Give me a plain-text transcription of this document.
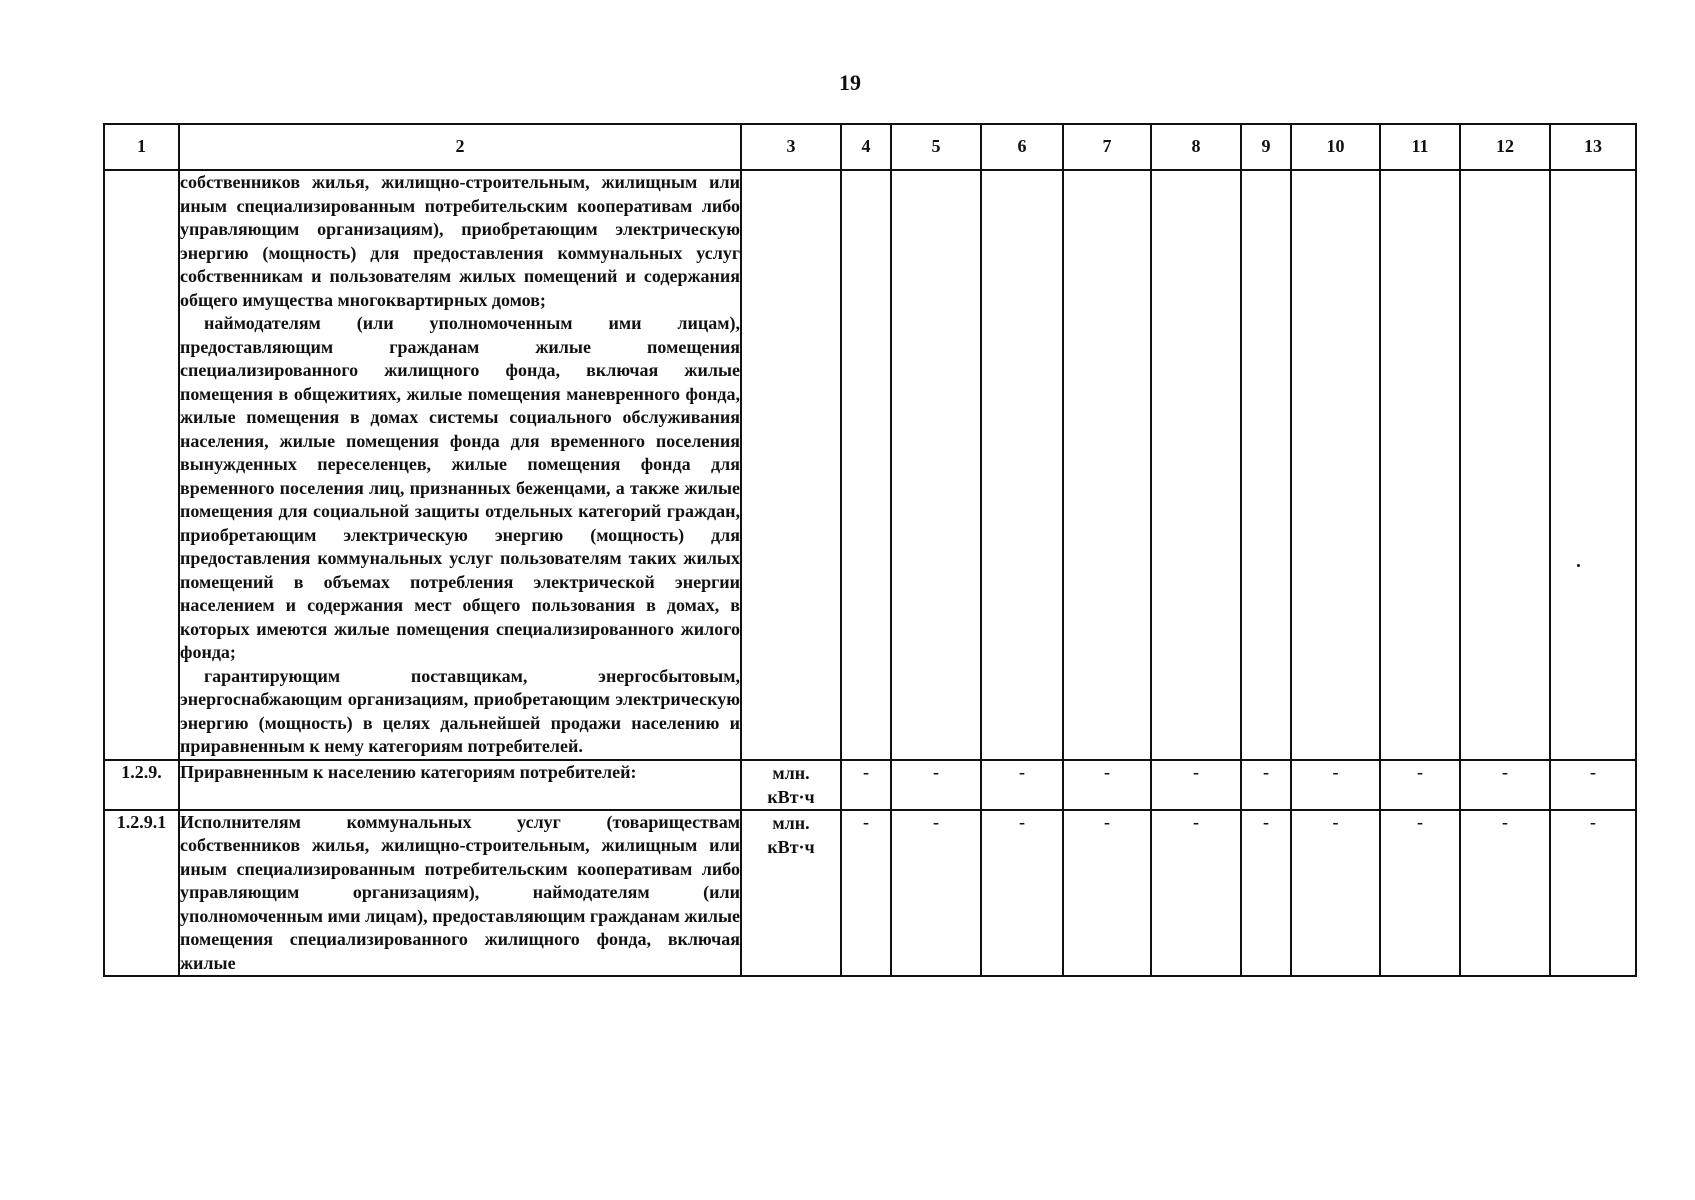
19
1	2	3	4	5	6	7	8	9	10	11	12	13

	собственников жилья, жилищно-строительным, жилищным или иным специализированным потребительским кооперативам либо управляющим организациям), приобретающим электрическую энергию (мощность) для предоставления коммунальных услуг собственникам и пользователям жилых помещений и содержания общего имущества многоквартирных домов;

наймодателям (или уполномоченным ими лицам), предоставляющим гражданам жилые помещения специализированного жилищного фонда, включая жилые помещения в общежитиях, жилые помещения маневренного фонда, жилые помещения в домах системы социального обслуживания населения, жилые помещения фонда для временного поселения вынужденных переселенцев, жилые помещения фонда для временного поселения лиц, признанных беженцами, а также жилые помещения для социальной защиты отдельных категорий граждан, приобретающим электрическую энергию (мощность) для предоставления коммунальных услуг пользователям таких жилых помещений в объемах потребления электрической энергии населением и содержания мест общего пользования в домах, в которых имеются жилые помещения специализированного жилого фонда;

гарантирующим поставщикам, энергосбытовым, энергоснабжающим организациям, приобретающим электрическую энергию (мощность) в целях дальнейшей продажи населению и приравненным к нему категориям потребителей.											

1.2.9.	Приравненным к населению категориям потребителей:	млн.
кВт·ч	-	-	-	-	-	-	-	-	-	-
1.2.9.1	Исполнителям коммунальных услуг (товариществам собственников жилья, жилищно-строительным, жилищным или иным специализированным потребительским кооперативам либо управляющим организациям), наймодателям (или уполномоченным ими лицам), предоставляющим гражданам жилые помещения специализированного жилищного фонда, включая жилые	млн.
кВт·ч	-	-	-	-	-	-	-	-	-	-
